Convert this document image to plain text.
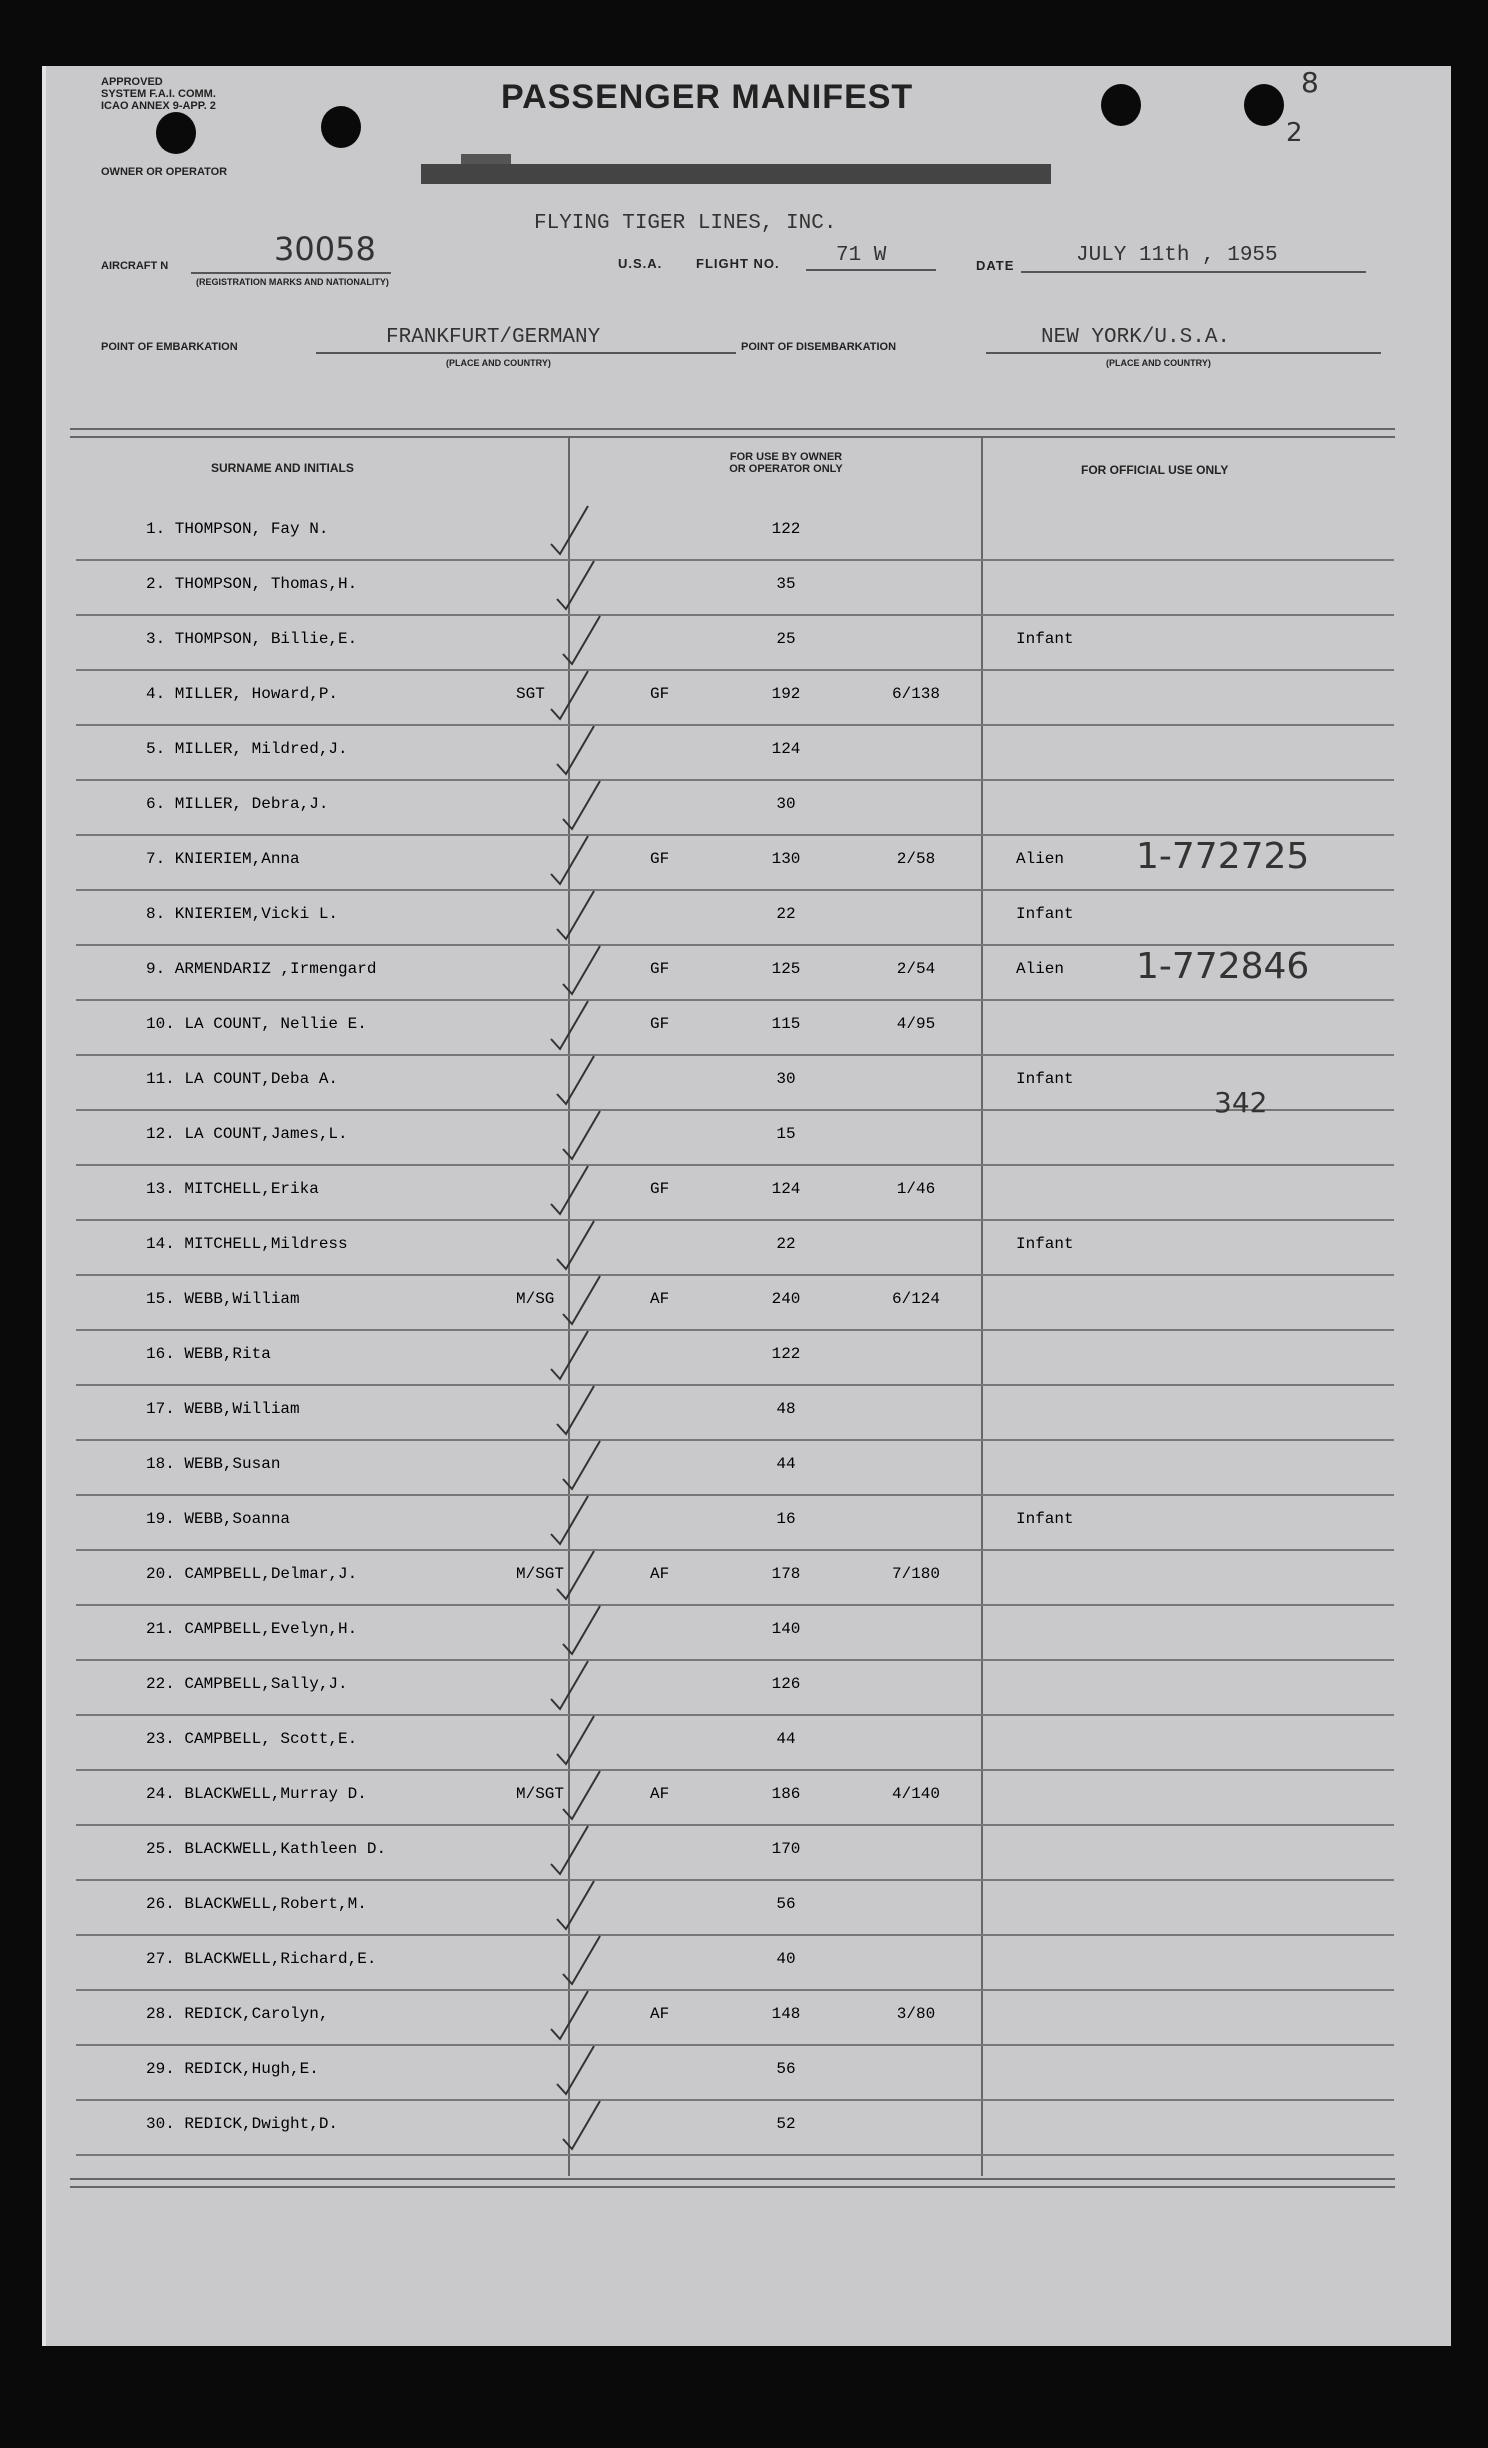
APPROVED
SYSTEM F.A.I. COMM.
ICAO ANNEX 9-APP. 2
8
2
PASSENGER MANIFEST
OWNER OR OPERATOR
FLYING TIGER LINES, INC.
AIRCRAFT N	30058
(REGISTRATION MARKS AND NATIONALITY)
U.S.A.	FLIGHT NO.	71 W	DATE	JULY 11th , 1955
POINT OF EMBARKATION	FRANKFURT/GERMANY
(PLACE AND COUNTRY)
POINT OF DISEMBARKATION	NEW YORK/U.S.A.
(PLACE AND COUNTRY)
SURNAME AND INITIALS
FOR USE BY OWNER
OR OPERATOR ONLY	FOR OFFICIAL USE ONLY
1. THOMPSON, Fay N.	122
2. THOMPSON, Thomas,H.	35
3. THOMPSON, Billie,E.	25	Infant
4. MILLER, Howard,P.	SGT	GF	192	6/138
5. MILLER, Mildred,J.	124
6. MILLER, Debra,J.	30
7. KNIERIEM,Anna	GF	130	2/58	Alien 1-772725
8. KNIERIEM,Vicki L.	22	Infant
9. ARMENDARIZ ,Irmengard	GF	125	2/54	Alien 1-772846
10. LA COUNT, Nellie E.	GF	115	4/95
11. LA COUNT,Deba A.	30	Infant
12. LA COUNT,James,L.	15
13. MITCHELL,Erika	GF	124	1/46
14. MITCHELL,Mildress	22	Infant
15. WEBB,William	M/SG	AF	240	6/124
16. WEBB,Rita	122
17. WEBB,William	48
18. WEBB,Susan	44
19. WEBB,Soanna	16	Infant
20. CAMPBELL,Delmar,J.	M/SGT	AF	178	7/180
21. CAMPBELL,Evelyn,H.	140
22. CAMPBELL,Sally,J.	126
23. CAMPBELL, Scott,E.	44
24. BLACKWELL,Murray D.	M/SGT	AF	186	4/140
25. BLACKWELL,Kathleen D.	170
26. BLACKWELL,Robert,M.	56
27. BLACKWELL,Richard,E.	40
28. REDICK,Carolyn,	AF	148	3/80
29. REDICK,Hugh,E.	56
30. REDICK,Dwight,D.	52
342
